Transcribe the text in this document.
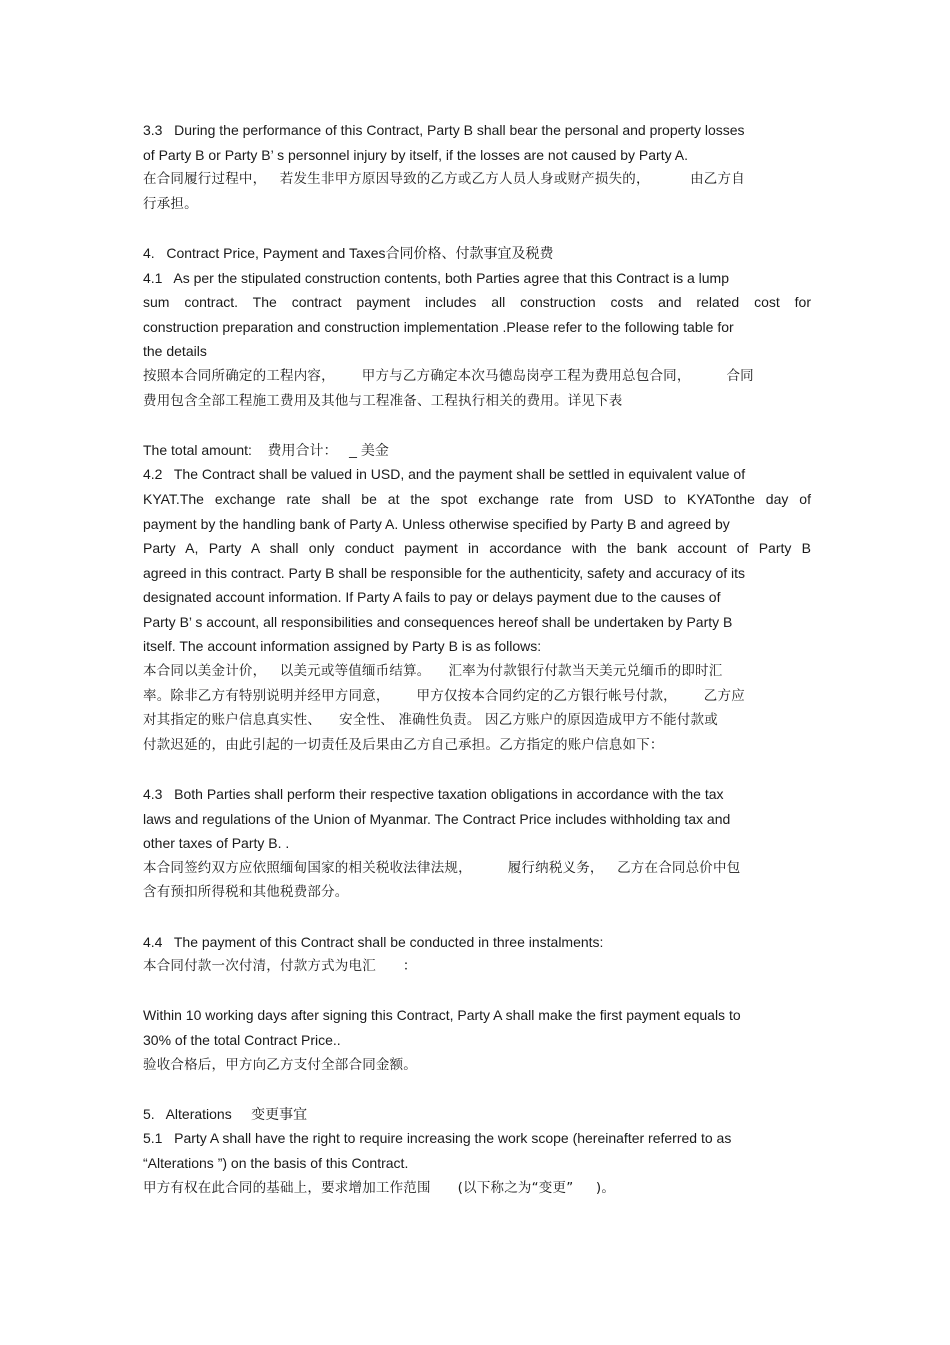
3.3   During the performance of this Contract, Party B shall bear the personal and property losses
of Party B or Party B’ s personnel injury by itself, if the losses are not caused by Party A.
在合同履行过程中，   若发生非甲方原因导致的乙方或乙方人员人身或财产损失的，         由乙方自
行承担。
4.   Contract Price, Payment and Taxes合同价格、付款事宜及税费
4.1   As per the stipulated construction contents, both Parties agree that this Contract is a lump
sum contract. The contract payment includes all construction costs and related cost for
construction preparation and construction implementation .Please refer to the following table for
the details
按照本合同所确定的工程内容，      甲方与乙方确定本次马德岛岗亭工程为费用总包合同，        合同
费用包含全部工程施工费用及其他与工程准备、工程执行相关的费用。详见下表
The total amount:    费用合计：   _ 美金
4.2   The Contract shall be valued in USD, and the payment shall be settled in equivalent value of
KYAT.The exchange rate shall be at the spot exchange rate from USD to KYATonthe day of
payment by the handling bank of Party A. Unless otherwise specified by Party B and agreed by
Party A, Party A shall only conduct payment in accordance with the bank account of Party B
agreed in this contract. Party B shall be responsible for the authenticity, safety and accuracy of its
designated account information. If Party A fails to pay or delays payment due to the causes of
Party B’ s account, all responsibilities and consequences hereof shall be undertaken by Party B
itself. The account information assigned by Party B is as follows:
本合同以美金计价，   以美元或等值缅币结算。    汇率为付款银行付款当天美元兑缅币的即时汇
率。除非乙方有特别说明并经甲方同意，      甲方仅按本合同约定的乙方银行帐号付款，      乙方应
对其指定的账户信息真实性、    安全性、 准确性负责。 因乙方账户的原因造成甲方不能付款或
付款迟延的，由此引起的一切责任及后果由乙方自己承担。乙方指定的账户信息如下：
4.3   Both Parties shall perform their respective taxation obligations in accordance with the tax
laws and regulations of the Union of Myanmar. The Contract Price includes withholding tax and
other taxes of Party B. .
本合同签约双方应依照缅甸国家的相关税收法律法规，        履行纳税义务，   乙方在合同总价中包
含有预扣所得税和其他税费部分。
4.4   The payment of this Contract shall be conducted in three instalments:
本合同付款一次付清，付款方式为电汇      ：
Within 10 working days after signing this Contract, Party A shall make the first payment equals to
30% of the total Contract Price..
验收合格后，甲方向乙方支付全部合同金额。
5.   Alterations     变更事宜
5.1   Party A shall have the right to require increasing the work scope (hereinafter referred to as
“Alterations ”) on the basis of this Contract.
甲方有权在此合同的基础上，要求增加工作范围      (以下称之为“变更”     )。
